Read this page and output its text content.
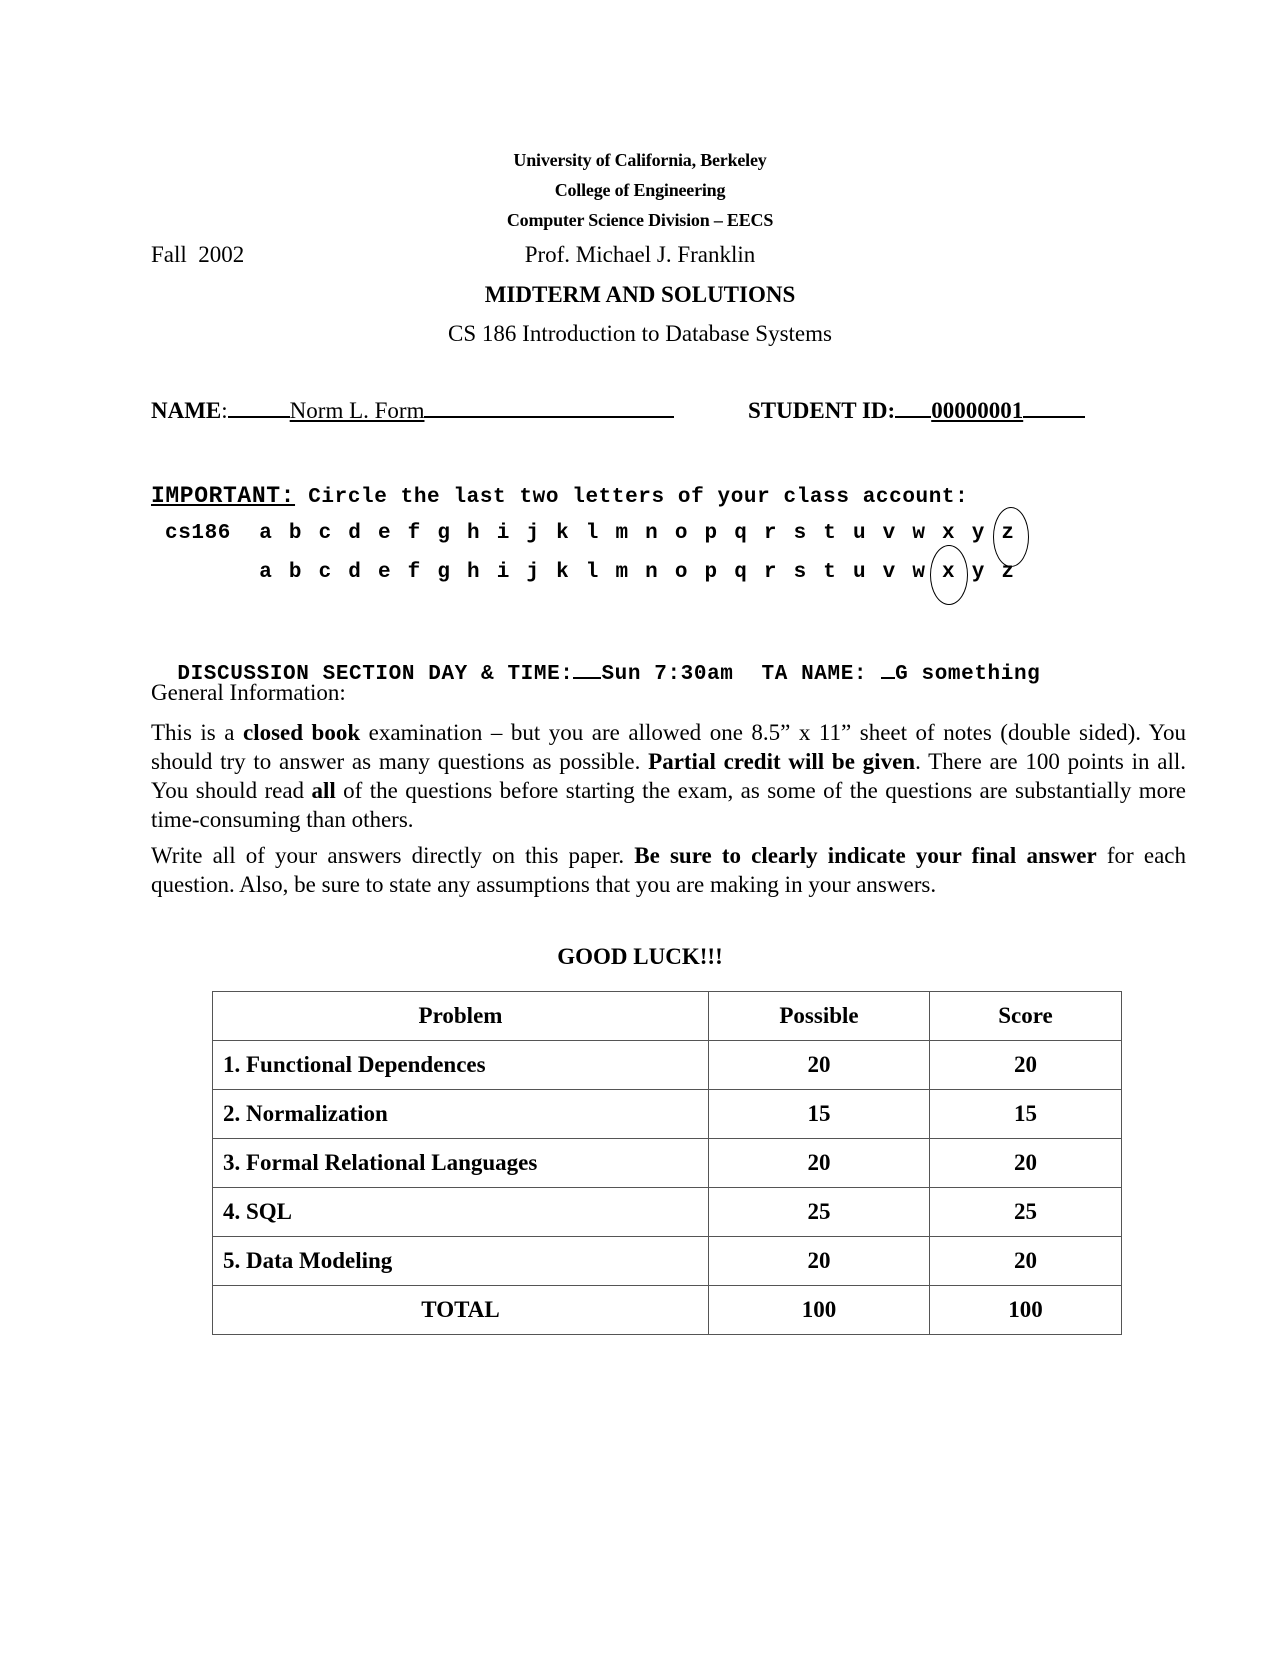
University of California, Berkeley
College of Engineering
Computer Science Division – EECS
Fall  2002	Prof. Michael J. Franklin
MIDTERM AND SOLUTIONS
CS 186 Introduction to Database Systems
NAME:	Norm L. Form	STUDENT ID: 00000001
IMPORTANT: Circle the last two letters of your class account:
cs186 a b c d e f g h i j k l m n o p q r s t u v w x y z
a b c d e f g h i j k l m n o p q r s t u v w x y z

DISCUSSION SECTION DAY & TIME: Sun 7:30am TA NAME: G something

General Information:
This is a closed book examination – but you are allowed one 8.5” x 11” sheet of notes (double sided). You should try to answer as many questions as possible. Partial credit will be given. There are 100 points in all. You should read all of the questions before starting the exam, as some of the questions are substantially more time-consuming than others.
Write all of your answers directly on this paper. Be sure to clearly indicate your final answer for each question. Also, be sure to state any assumptions that you are making in your answers.
GOOD LUCK!!!
Problem	Possible	Score
1. Functional Dependences	20	20
2. Normalization	15	15
3. Formal Relational Languages	20	20
4. SQL	25	25
5. Data Modeling	20	20
TOTAL	100	100
